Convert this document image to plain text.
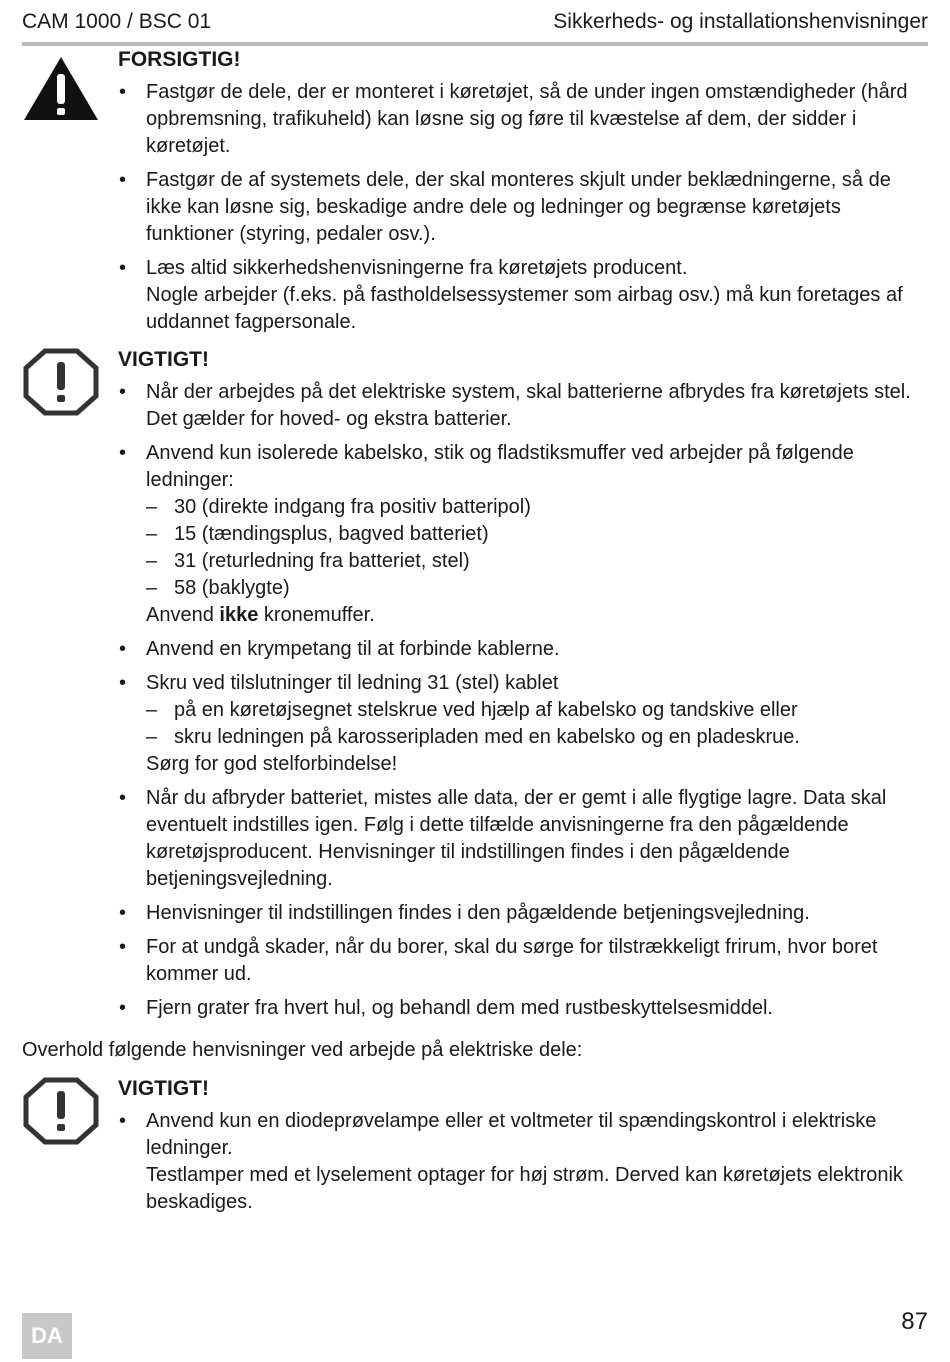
CAM 1000 / BSC 01	Sikkerheds- og installationshenvisninger
FORSIGTIG!
• Fastgør de dele, der er monteret i køretøjet, så de under ingen omstændigheder (hård opbremsning, trafikuheld) kan løsne sig og føre til kvæstelse af dem, der sidder i køretøjet.
• Fastgør de af systemets dele, der skal monteres skjult under beklædningerne, så de ikke kan løsne sig, beskadige andre dele og ledninger og begrænse køretøjets funktioner (styring, pedaler osv.).
• Læs altid sikkerhedshenvisningerne fra køretøjets producent.
Nogle arbejder (f.eks. på fastholdelsessystemer som airbag osv.) må kun foretages af uddannet fagpersonale.
VIGTIGT!
• Når der arbejdes på det elektriske system, skal batterierne afbrydes fra køretøjets stel. Det gælder for hoved- og ekstra batterier.
• Anvend kun isolerede kabelsko, stik og fladstiksmuffer ved arbejder på følgende ledninger:
– 30 (direkte indgang fra positiv batteripol)
– 15 (tændingsplus, bagved batteriet)
– 31 (returledning fra batteriet, stel)
– 58 (baklygte)
Anvend ikke kronemuffer.
• Anvend en krympetang til at forbinde kablerne.
• Skru ved tilslutninger til ledning 31 (stel) kablet
– på en køretøjsegnet stelskrue ved hjælp af kabelsko og tandskive eller
– skru ledningen på karosseripladen med en kabelsko og en pladeskrue.
Sørg for god stelforbindelse!
• Når du afbryder batteriet, mistes alle data, der er gemt i alle flygtige lagre. Data skal eventuelt indstilles igen. Følg i dette tilfælde anvisningerne fra den pågældende køretøjsproducent. Henvisninger til indstillingen findes i den pågældende betjeningsvejledning.
• Henvisninger til indstillingen findes i den pågældende betjeningsvejledning.
• For at undgå skader, når du borer, skal du sørge for tilstrækkeligt frirum, hvor boret kommer ud.
• Fjern grater fra hvert hul, og behandl dem med rustbeskyttelsesmiddel.
Overhold følgende henvisninger ved arbejde på elektriske dele:
VIGTIGT!
• Anvend kun en diodeprøvelampe eller et voltmeter til spændingskontrol i elektriske ledninger.
Testlamper med et lyselement optager for høj strøm. Derved kan køretøjets elektronik beskadiges.
DA
87
